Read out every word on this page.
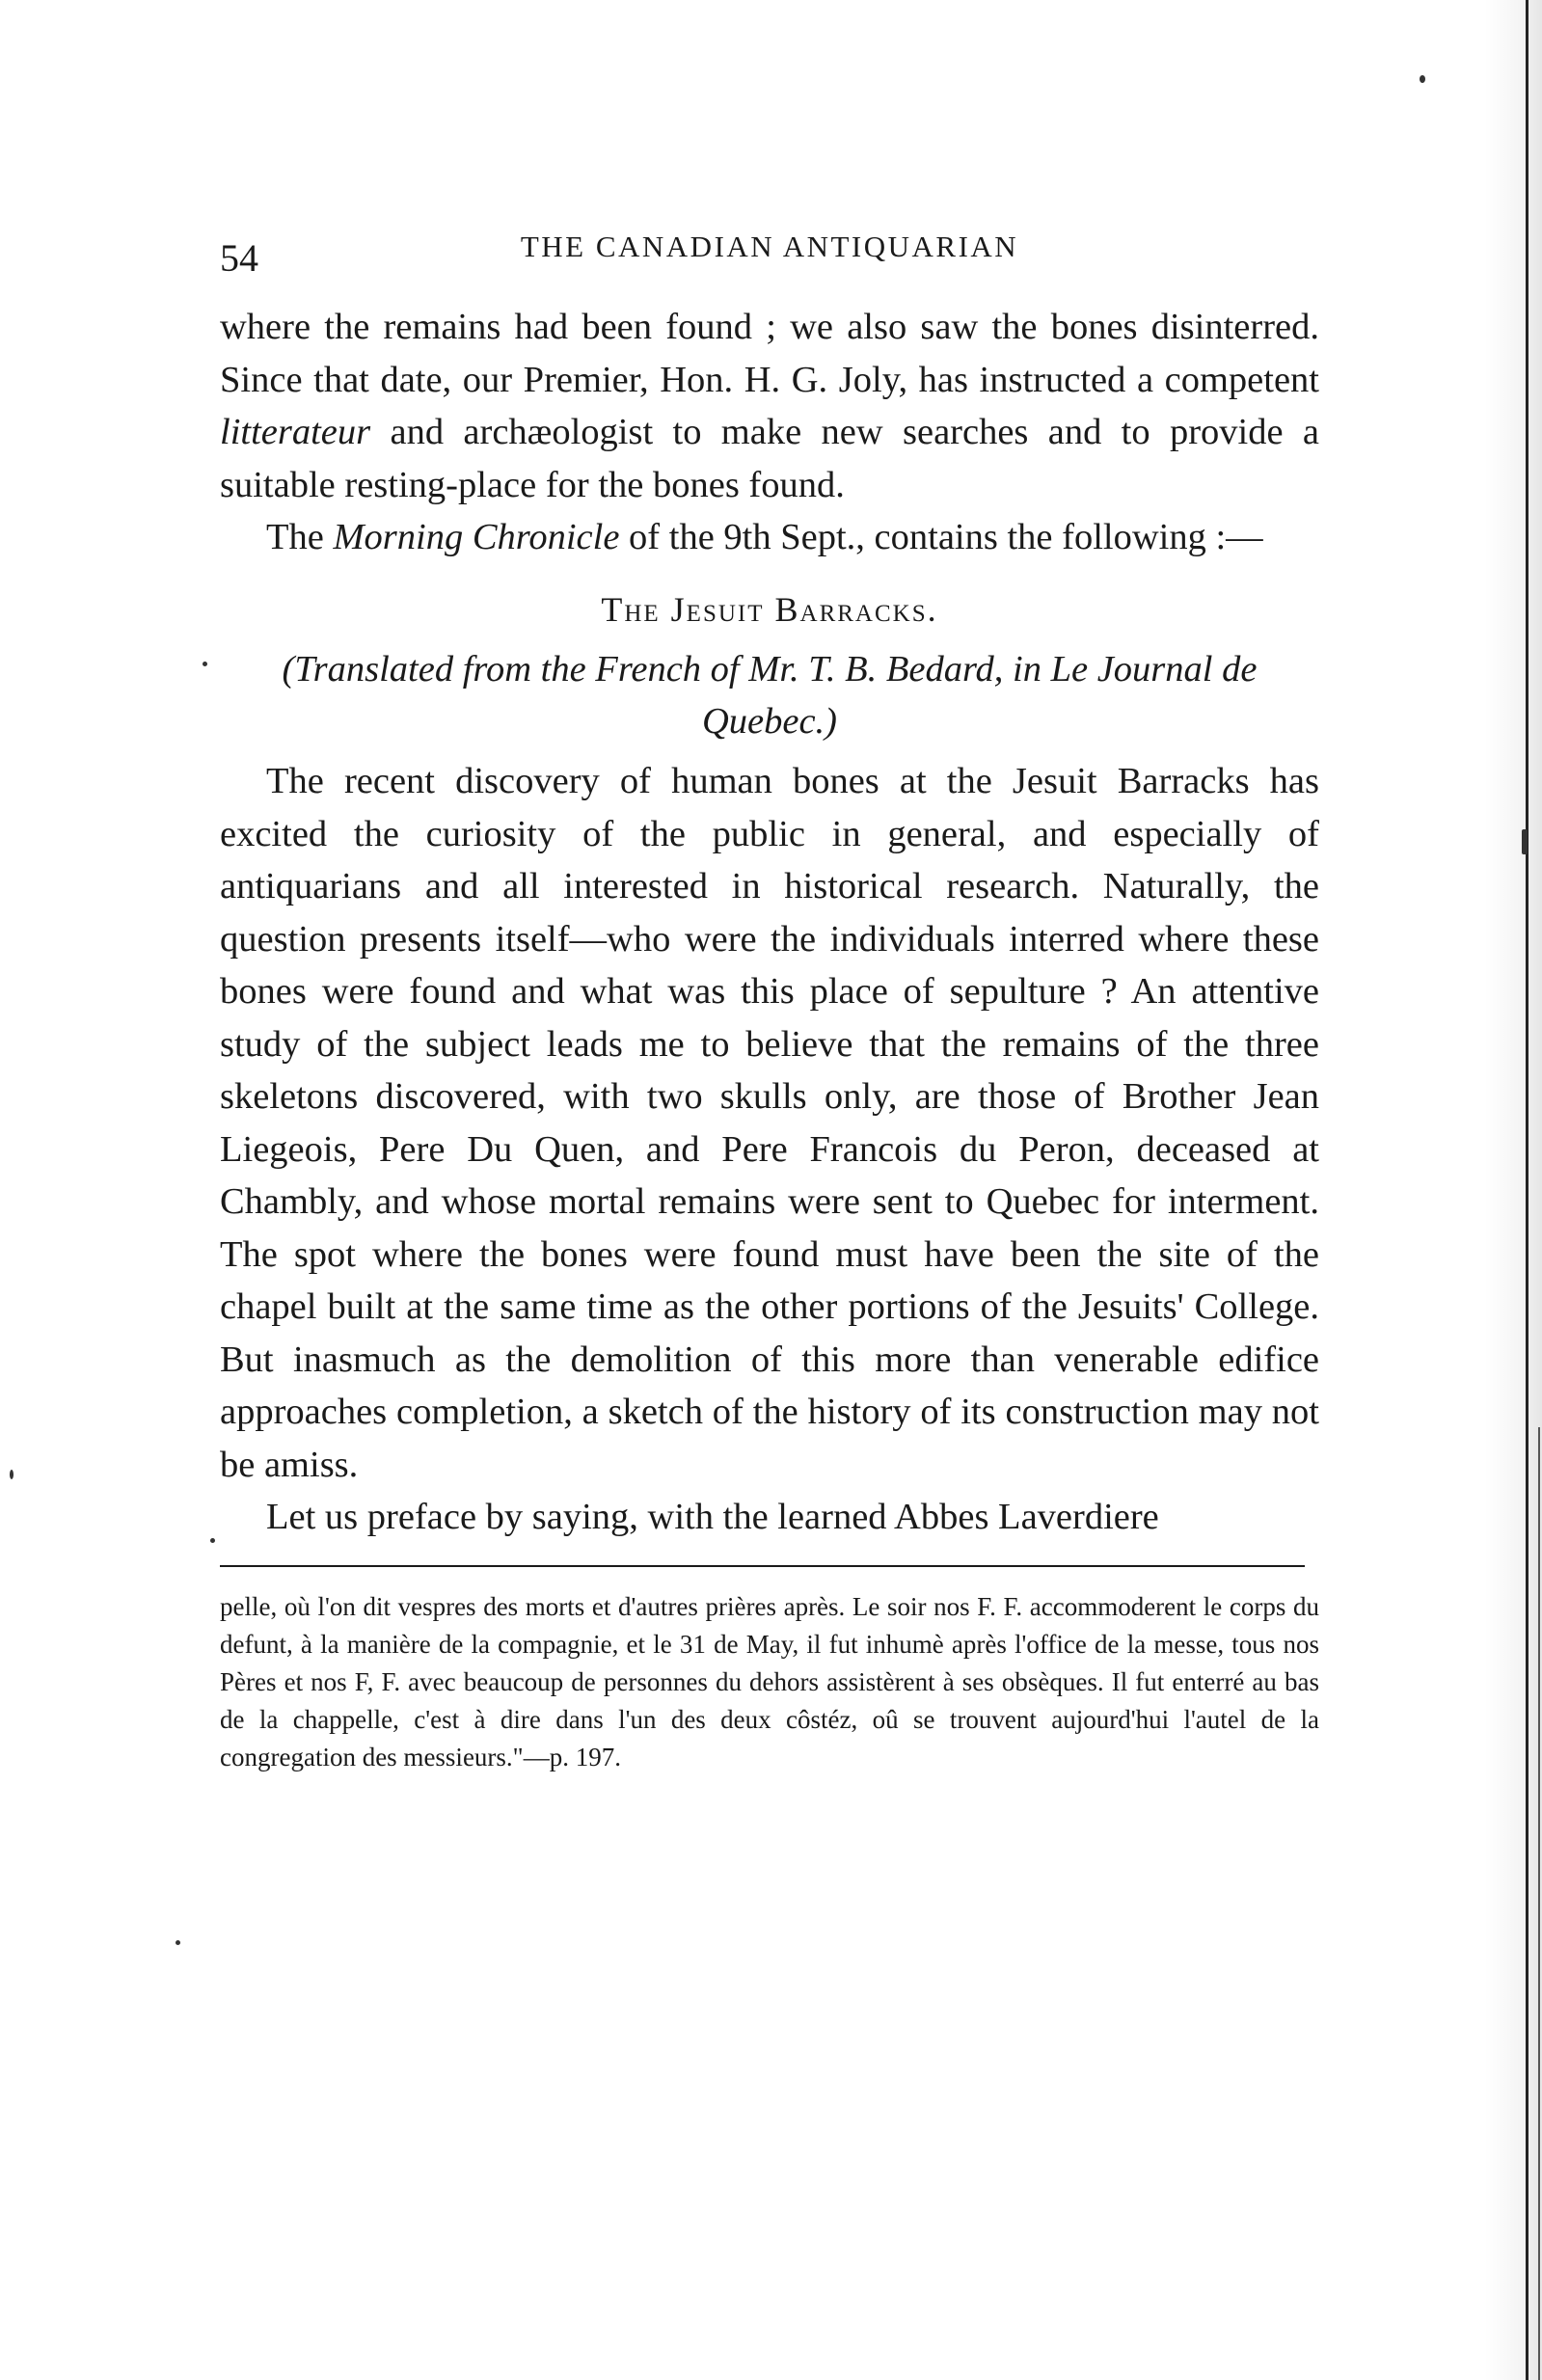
54	THE CANADIAN ANTIQUARIAN

where the remains had been found ; we also saw the bones disinterred. Since that date, our Premier, Hon. H. G. Joly, has instructed a competent litterateur and archæologist to make new searches and to provide a suitable resting-place for the bones found.

The Morning Chronicle of the 9th Sept., contains the following :—

The Jesuit Barracks.

(Translated from the French of Mr. T. B. Bedard, in Le Journal de Quebec.)

The recent discovery of human bones at the Jesuit Barracks has excited the curiosity of the public in general, and especially of antiquarians and all interested in historical research. Naturally, the question presents itself—who were the individuals interred where these bones were found and what was this place of sepulture ? An attentive study of the subject leads me to believe that the remains of the three skeletons discovered, with two skulls only, are those of Brother Jean Liegeois, Pere Du Quen, and Pere Francois du Peron, deceased at Chambly, and whose mortal remains were sent to Quebec for interment. The spot where the bones were found must have been the site of the chapel built at the same time as the other portions of the Jesuits' College. But inasmuch as the demolition of this more than venerable edifice approaches completion, a sketch of the history of its construction may not be amiss.

Let us preface by saying, with the learned Abbes Laverdiere

pelle, où l'on dit vespres des morts et d'autres prières après. Le soir nos F. F. accommoderent le corps du defunt, à la manière de la compagnie, et le 31 de May, il fut inhumè après l'office de la messe, tous nos Pères et nos F, F. avec beaucoup de personnes du dehors assistèrent à ses obsèques. Il fut enterré au bas de la chappelle, c'est à dire dans l'un des deux côstéz, oû se trouvent aujourd'hui l'autel de la congregation des messieurs."—p. 197.
